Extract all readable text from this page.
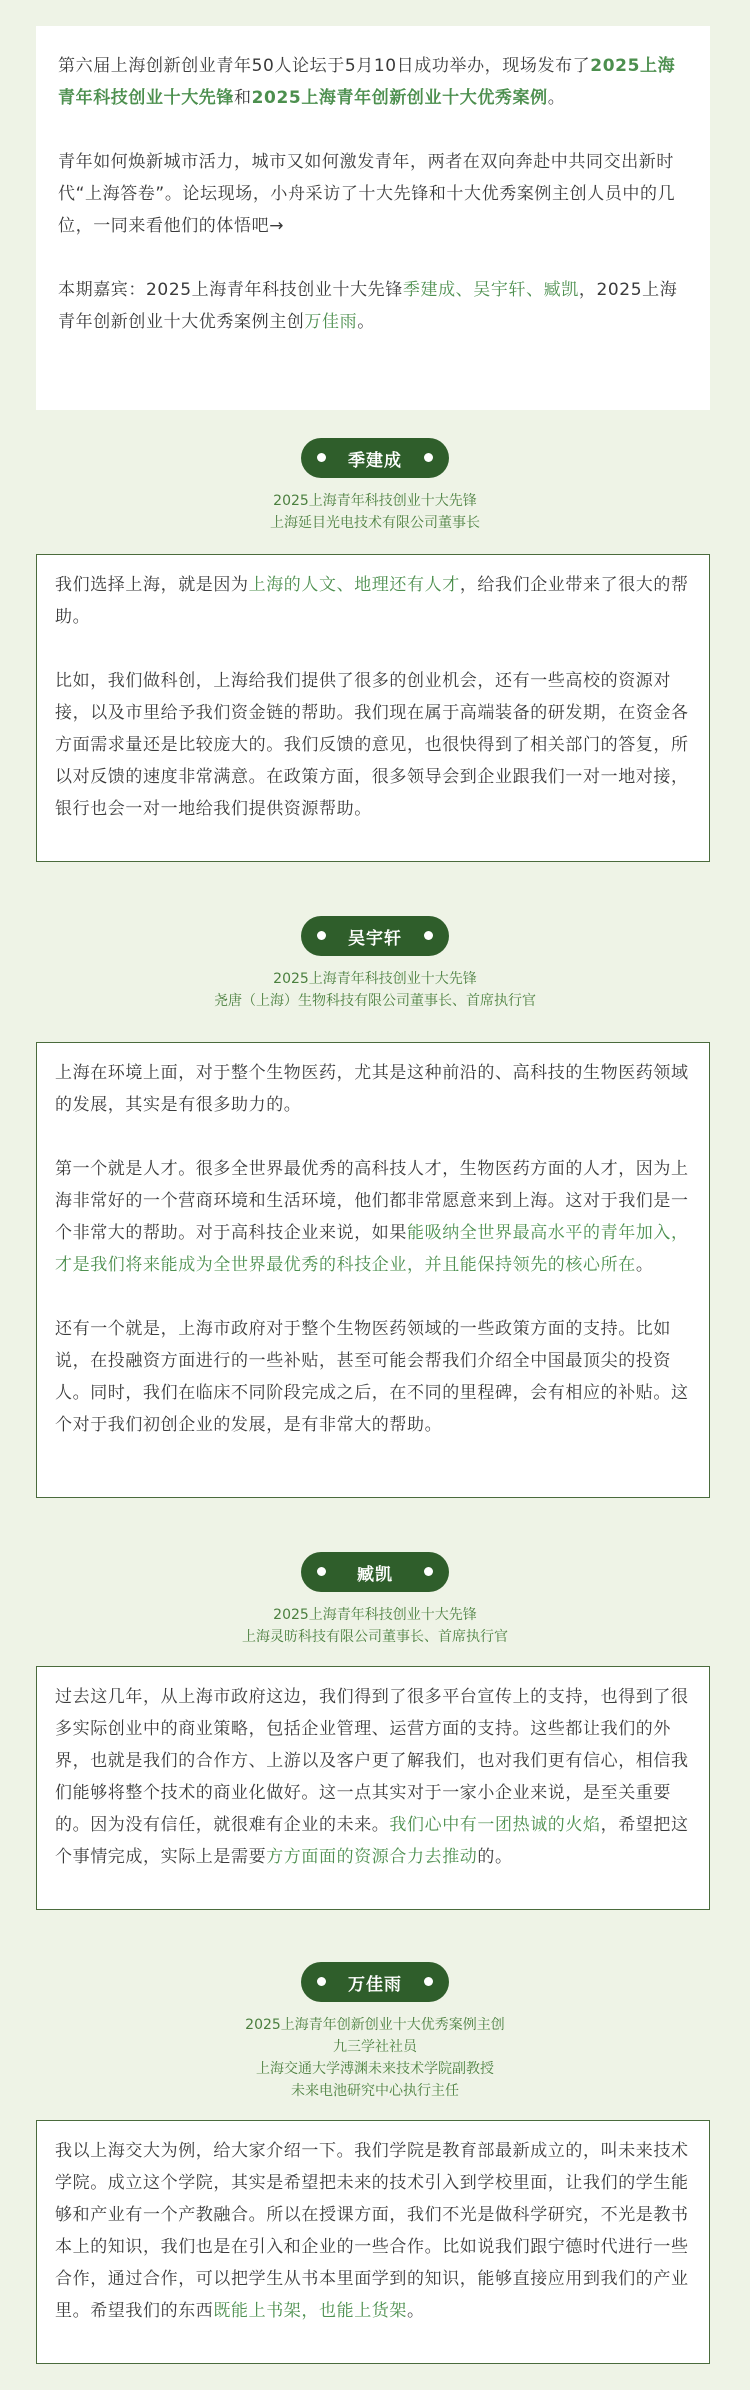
第六届上海创新创业青年50人论坛于5月10日成功举办，现场发布了2025上海青年科技创业十大先锋和2025上海青年创新创业十大优秀案例。

青年如何焕新城市活力，城市又如何激发青年，两者在双向奔赴中共同交出新时代“上海答卷”。论坛现场，小舟采访了十大先锋和十大优秀案例主创人员中的几位，一同来看他们的体悟吧→

本期嘉宾：2025上海青年科技创业十大先锋季建成、吴宇轩、臧凯，2025上海青年创新创业十大优秀案例主创万佳雨。

季建成
2025上海青年科技创业十大先锋
上海延目光电技术有限公司董事长

我们选择上海，就是因为上海的人文、地理还有人才，给我们企业带来了很大的帮助。

比如，我们做科创，上海给我们提供了很多的创业机会，还有一些高校的资源对接，以及市里给予我们资金链的帮助。我们现在属于高端装备的研发期，在资金各方面需求量还是比较庞大的。我们反馈的意见，也很快得到了相关部门的答复，所以对反馈的速度非常满意。在政策方面，很多领导会到企业跟我们一对一地对接，银行也会一对一地给我们提供资源帮助。

吴宇轩
2025上海青年科技创业十大先锋
尧唐（上海）生物科技有限公司董事长、首席执行官

上海在环境上面，对于整个生物医药，尤其是这种前沿的、高科技的生物医药领域的发展，其实是有很多助力的。

第一个就是人才。很多全世界最优秀的高科技人才，生物医药方面的人才，因为上海非常好的一个营商环境和生活环境，他们都非常愿意来到上海。这对于我们是一个非常大的帮助。对于高科技企业来说，如果能吸纳全世界最高水平的青年加入，才是我们将来能成为全世界最优秀的科技企业，并且能保持领先的核心所在。

还有一个就是，上海市政府对于整个生物医药领域的一些政策方面的支持。比如说，在投融资方面进行的一些补贴，甚至可能会帮我们介绍全中国最顶尖的投资人。同时，我们在临床不同阶段完成之后，在不同的里程碑，会有相应的补贴。这个对于我们初创企业的发展，是有非常大的帮助。

臧凯
2025上海青年科技创业十大先锋
上海灵昉科技有限公司董事长、首席执行官

过去这几年，从上海市政府这边，我们得到了很多平台宣传上的支持，也得到了很多实际创业中的商业策略，包括企业管理、运营方面的支持。这些都让我们的外界，也就是我们的合作方、上游以及客户更了解我们，也对我们更有信心，相信我们能够将整个技术的商业化做好。这一点其实对于一家小企业来说，是至关重要的。因为没有信任，就很难有企业的未来。我们心中有一团热诚的火焰，希望把这个事情完成，实际上是需要方方面面的资源合力去推动的。

万佳雨
2025上海青年创新创业十大优秀案例主创
九三学社社员
上海交通大学溥渊未来技术学院副教授
未来电池研究中心执行主任

我以上海交大为例，给大家介绍一下。我们学院是教育部最新成立的，叫未来技术学院。成立这个学院，其实是希望把未来的技术引入到学校里面，让我们的学生能够和产业有一个产教融合。所以在授课方面，我们不光是做科学研究，不光是教书本上的知识，我们也是在引入和企业的一些合作。比如说我们跟宁德时代进行一些合作，通过合作，可以把学生从书本里面学到的知识，能够直接应用到我们的产业里。希望我们的东西既能上书架，也能上货架。
